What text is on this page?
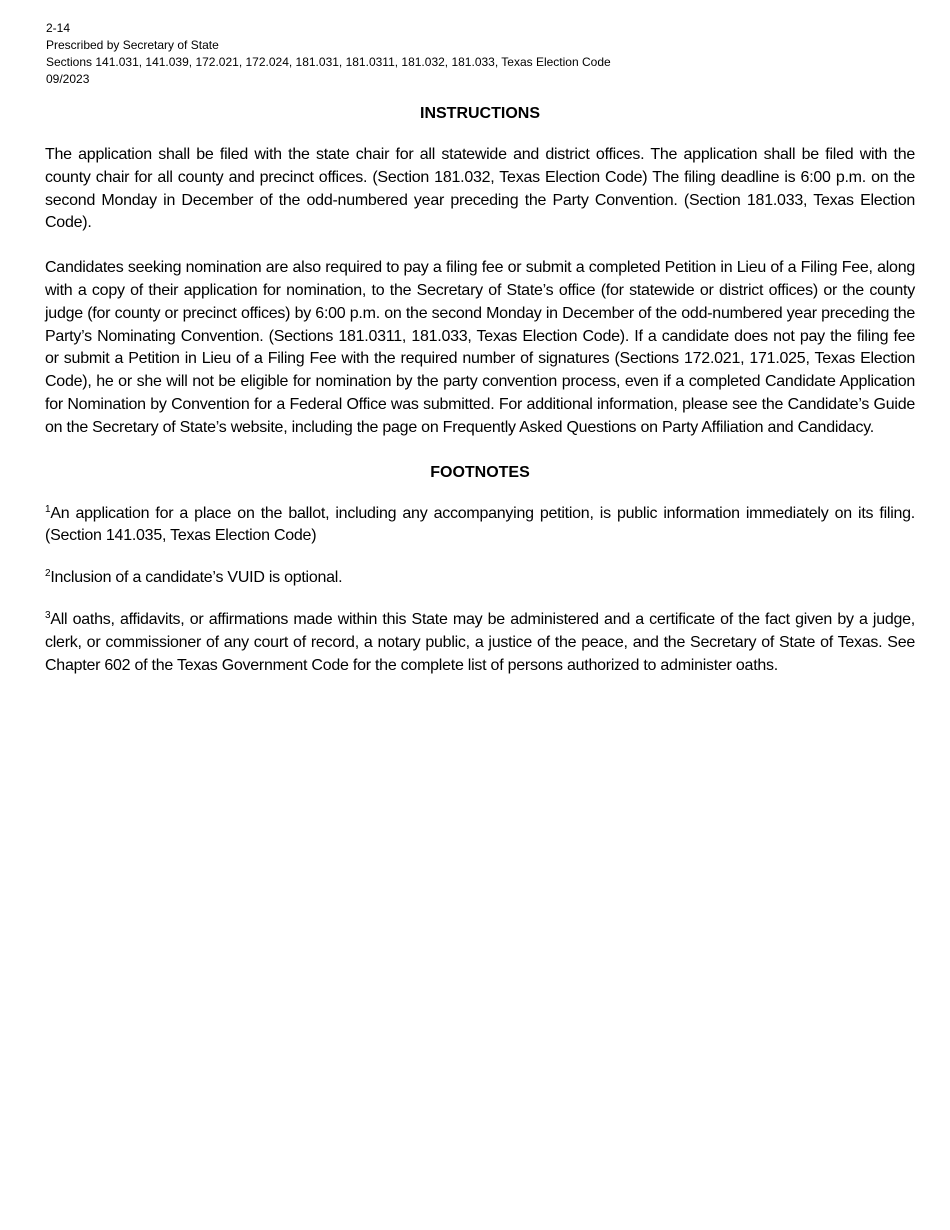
2-14
Prescribed by Secretary of State
Sections 141.031, 141.039, 172.021, 172.024, 181.031, 181.0311, 181.032, 181.033, Texas Election Code
09/2023
INSTRUCTIONS

The application shall be filed with the state chair for all statewide and district offices. The application shall be filed with the county chair for all county and precinct offices. (Section 181.032, Texas Election Code) The filing deadline is 6:00 p.m. on the second Monday in December of the odd-numbered year preceding the Party Convention. (Section 181.033, Texas Election Code).

Candidates seeking nomination are also required to pay a filing fee or submit a completed Petition in Lieu of a Filing Fee, along with a copy of their application for nomination, to the Secretary of State’s office (for statewide or district offices) or the county judge (for county or precinct offices) by 6:00 p.m. on the second Monday in December of the odd-numbered year preceding the Party’s Nominating Convention. (Sections 181.0311, 181.033, Texas Election Code). If a candidate does not pay the filing fee or submit a Petition in Lieu of a Filing Fee with the required number of signatures (Sections 172.021, 171.025, Texas Election Code), he or she will not be eligible for nomination by the party convention process, even if a completed Candidate Application for Nomination by Convention for a Federal Office was submitted. For additional information, please see the Candidate’s Guide on the Secretary of State’s website, including the page on Frequently Asked Questions on Party Affiliation and Candidacy.

FOOTNOTES

$^1$An application for a place on the ballot, including any accompanying petition, is public information immediately on its filing. (Section 141.035, Texas Election Code)

$^2$Inclusion of a candidate’s VUID is optional.

$^3$All oaths, affidavits, or affirmations made within this State may be administered and a certificate of the fact given by a judge, clerk, or commissioner of any court of record, a notary public, a justice of the peace, and the Secretary of State of Texas. See Chapter 602 of the Texas Government Code for the complete list of persons authorized to administer oaths.
